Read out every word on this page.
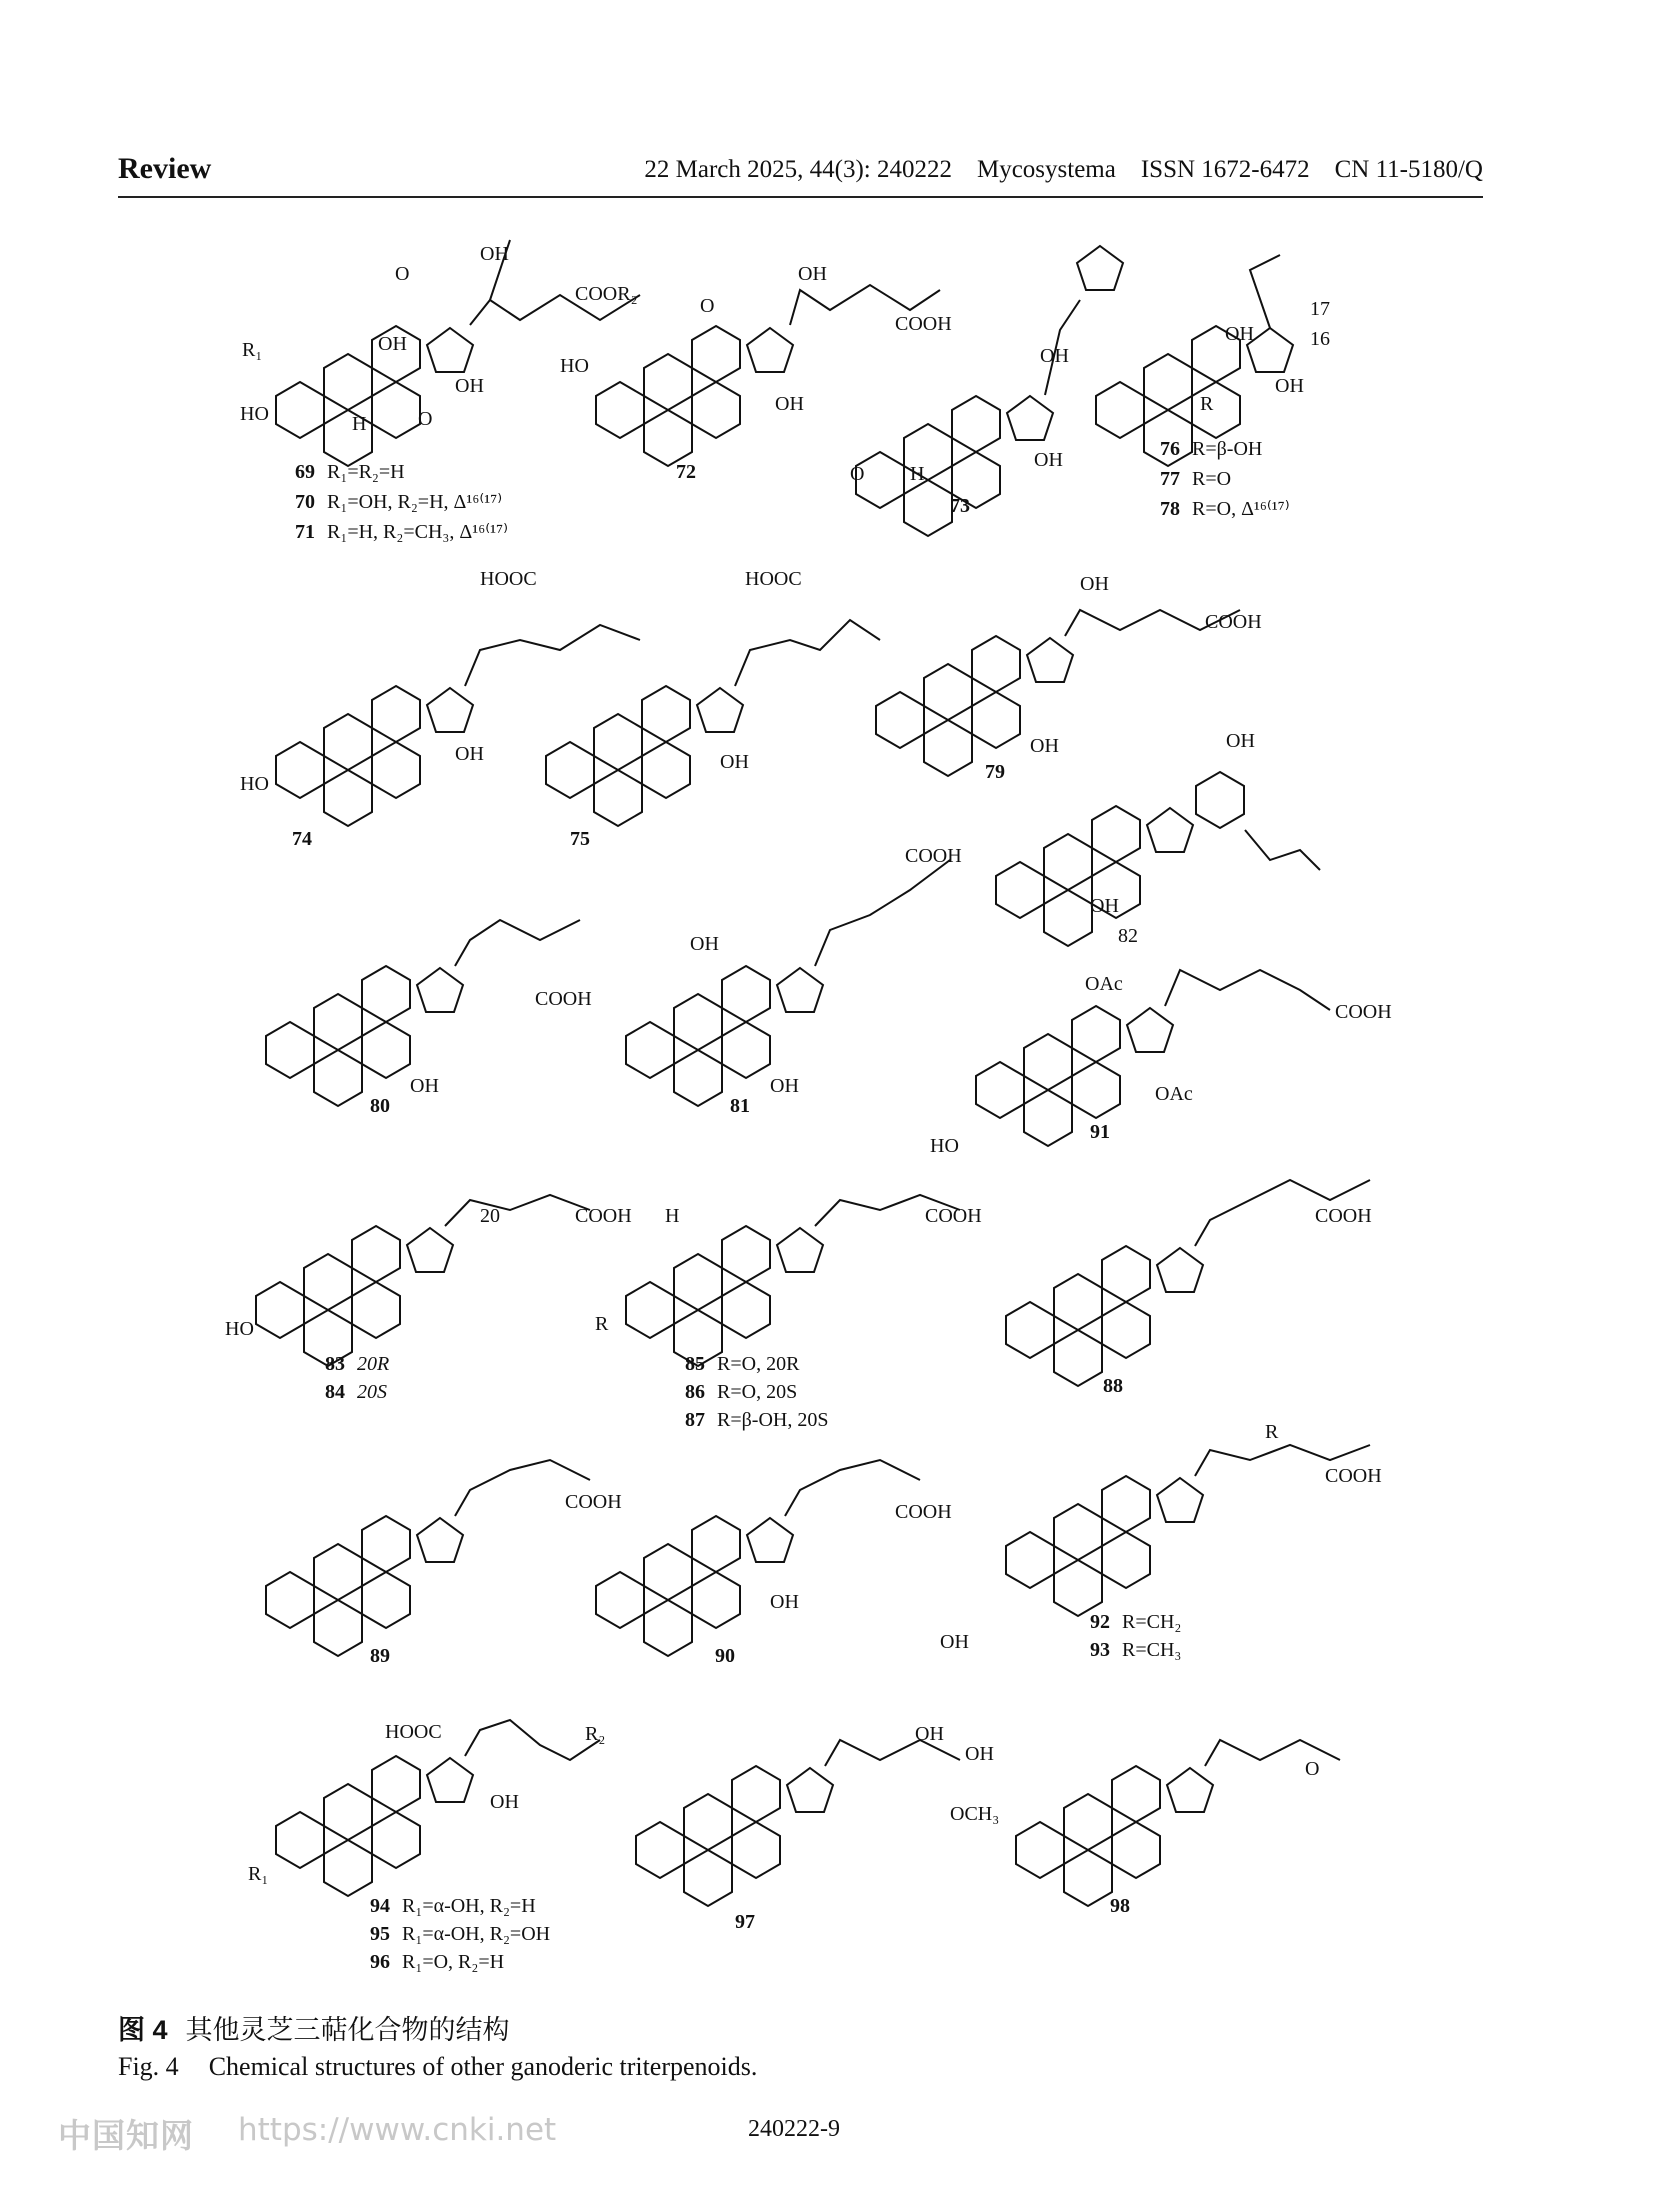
Review	22 March 2025, 44(3): 240222    Mycosystema    ISSN 1672-6472    CN 11-5180/Q
OH
O
COOR₂
R₁
HO
OH
OH
H	O
OH
COOH
HO
O
OH
OH
OH
O H
R
17
16
OH
OH
HOOC
HO
OH
HOOC
OH
COOH
OH
OH	OH
OH
COOH
OH
COOH
OH
OH
OAc
COOH
OAc
HO
COOH
20
HO
COOH
H
R
COOH
COOH	COOH
OH
COOH
R
OH
HOOC	R₂
OH
R₁
OH
OH
OCH₃
O
69 R₁=R₂=H
70 R₁=OH, R₂=H, Δ¹⁶⁽¹⁷⁾
71 R₁=H, R₂=CH₃, Δ¹⁶⁽¹⁷⁾
72
73
76 R=β-OH
77 R=O
78 R=O, Δ¹⁶⁽¹⁷⁾
74	75
79
82
80	81
91
83 20R
84 20S
85 R=O, 20R
86 R=O, 20S
87 R=β-OH, 20S
88
89	90
92 R=CH₂
93 R=CH₃
94 R₁=α-OH, R₂=H
95 R₁=α-OH, R₂=OH
96 R₁=O, R₂=H
97
98
图 4 其他灵芝三萜化合物的结构
Fig. 4 Chemical structures of other ganoderic triterpenoids.
中国知网 https://www.cnki.net	240222-9
